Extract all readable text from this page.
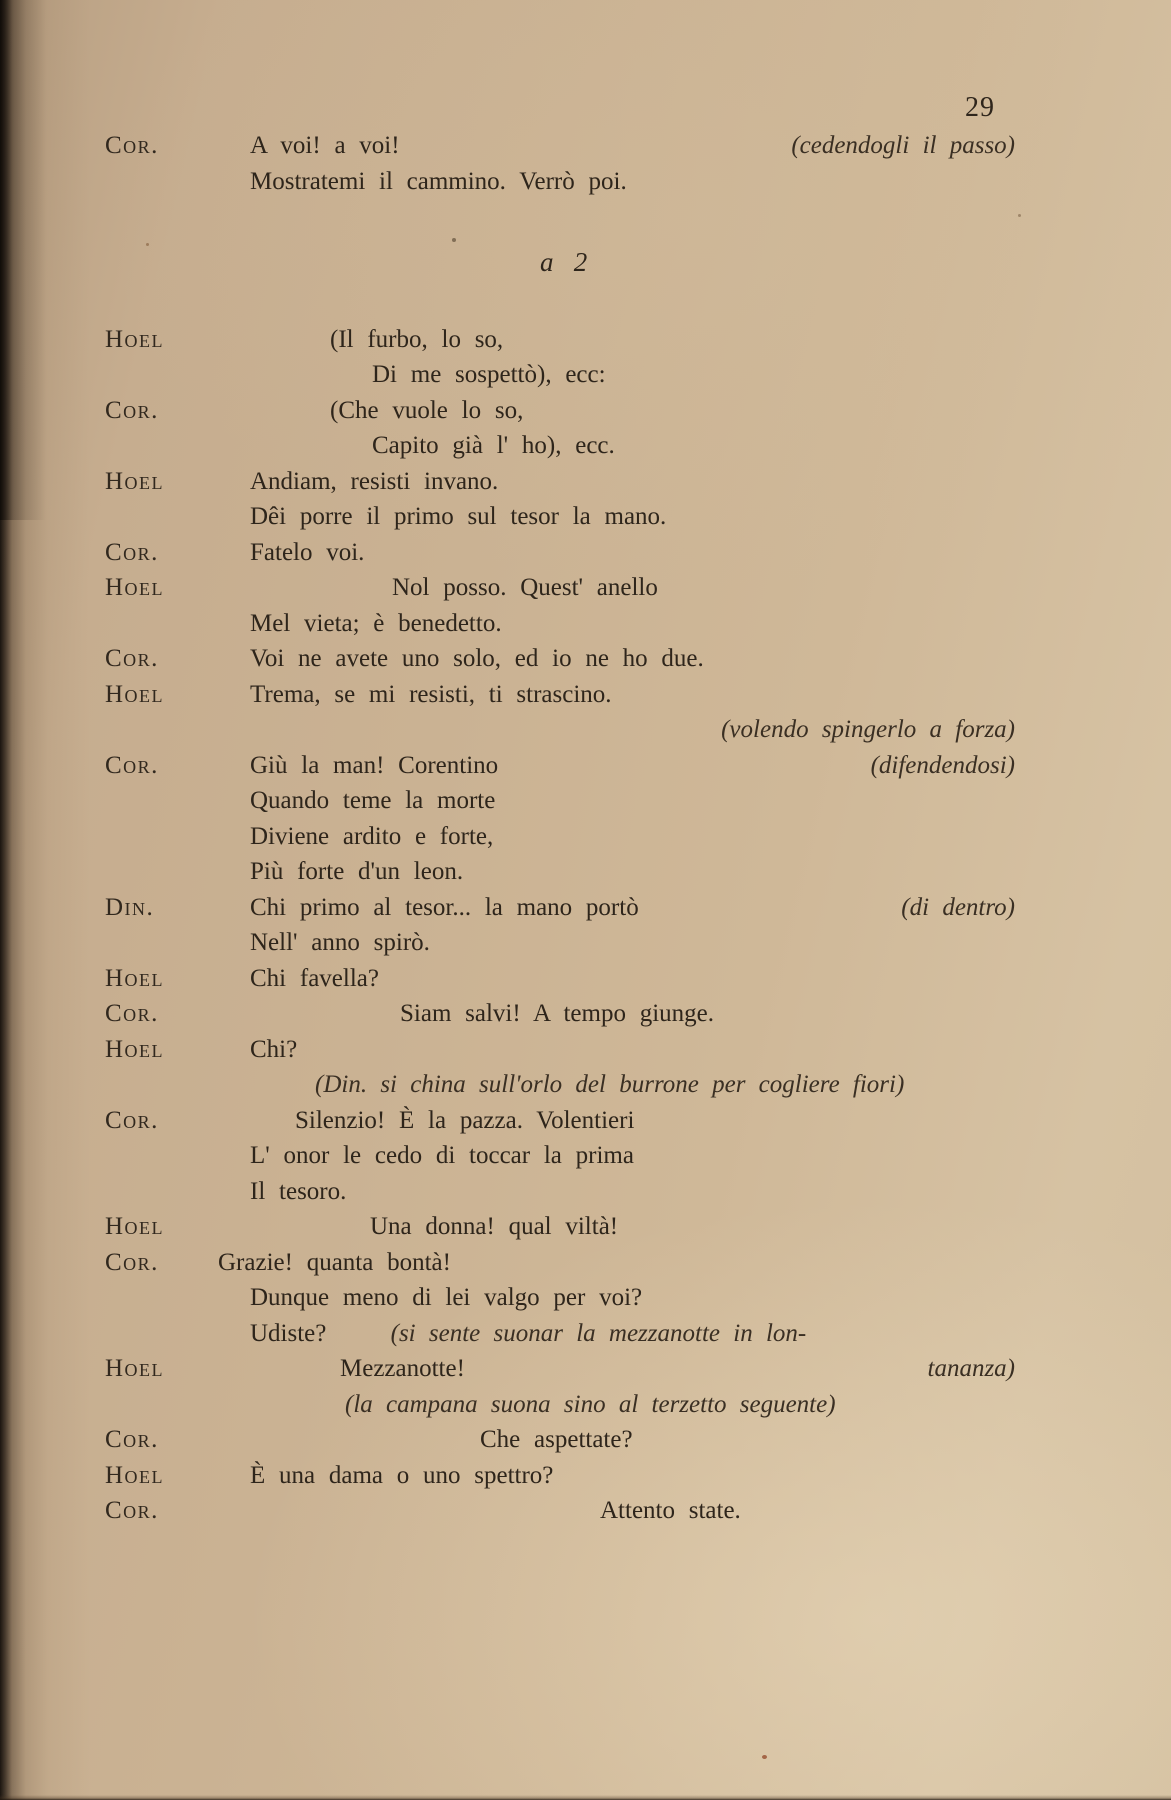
29
Cor.	A voi! a voi!	(cedendogli il passo)
Mostratemi il cammino. Verrò poi.
a 2
Hoel	(Il furbo, lo so,
Di me sospettò), ecc:
Cor.	(Che vuole lo so,
Capito già l' ho), ecc.
Hoel	Andiam, resisti invano.
Dêi porre il primo sul tesor la mano.
Cor.	Fatelo voi.
Hoel	Nol posso. Quest' anello
Mel vieta; è benedetto.
Cor.	Voi ne avete uno solo, ed io ne ho due.
Hoel	Trema, se mi resisti, ti strascino.
(volendo spingerlo a forza)
Cor.	Giù la man! Corentino	(difendendosi)
Quando teme la morte
Diviene ardito e forte,
Più forte d'un leon.
Din.	Chi primo al tesor... la mano portò	(di dentro)
Nell' anno spirò.
Hoel	Chi favella?
Cor.	Siam salvi! A tempo giunge.
Hoel	Chi?
(Din. si china sull'orlo del burrone per cogliere fiori)
Cor.	Silenzio! È la pazza. Volentieri
L' onor le cedo di toccar la prima
Il tesoro.
Hoel	Una donna! qual viltà!
Cor. Grazie! quanta bontà!
Dunque meno di lei valgo per voi?
Udiste?	(si sente suonar la mezzanotte in lon-
Hoel	Mezzanotte!	tananza)
(la campana suona sino al terzetto seguente)
Cor.	Che aspettate?
Hoel	È una dama o uno spettro?
Cor.	Attento state.
